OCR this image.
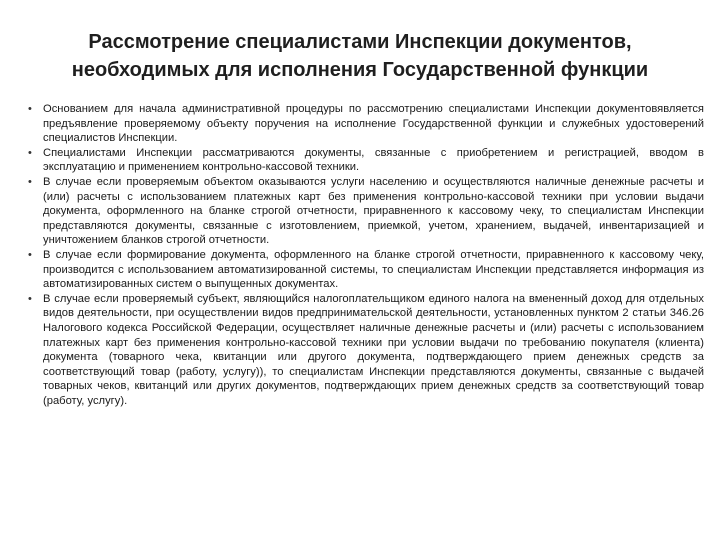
Рассмотрение специалистами Инспекции документов,
необходимых для исполнения Государственной функции
• Основанием для начала административной процедуры по рассмотрению специалистами Инспекции документовявляется предъявление проверяемому объекту поручения на исполнение Государственной функции и служебных удостоверений специалистов Инспекции.
• Специалистами Инспекции рассматриваются документы, связанные с приобретением и регистрацией, вводом в эксплуатацию и применением контрольно-кассовой техники.
• В случае если проверяемым объектом оказываются услуги населению и осуществляются наличные денежные расчеты и (или) расчеты с использованием платежных карт без применения контрольно-кассовой техники при условии выдачи документа, оформленного на бланке строгой отчетности, приравненного к кассовому чеку, то специалистам Инспекции представляются документы, связанные с изготовлением, приемкой, учетом, хранением, выдачей, инвентаризацией и уничтожением бланков строгой отчетности.
• В случае если формирование документа, оформленного на бланке строгой отчетности, приравненного к кассовому чеку, производится с использованием автоматизированной системы, то специалистам Инспекции представляется информация из автоматизированных систем о выпущенных документах.
• В случае если проверяемый субъект, являющийся налогоплательщиком единого налога на вмененный доход для отдельных видов деятельности, при осуществлении видов предпринимательской деятельности, установленных пунктом 2 статьи 346.26 Налогового кодекса Российской Федерации, осуществляет наличные денежные расчеты и (или) расчеты с использованием платежных карт без применения контрольно-кассовой техники при условии выдачи по требованию покупателя (клиента) документа (товарного чека, квитанции или другого документа, подтверждающего прием денежных средств за соответствующий товар (работу, услугу)), то специалистам Инспекции представляются документы, связанные с выдачей товарных чеков, квитанций или других документов, подтверждающих прием денежных средств за соответствующий товар (работу, услугу).
